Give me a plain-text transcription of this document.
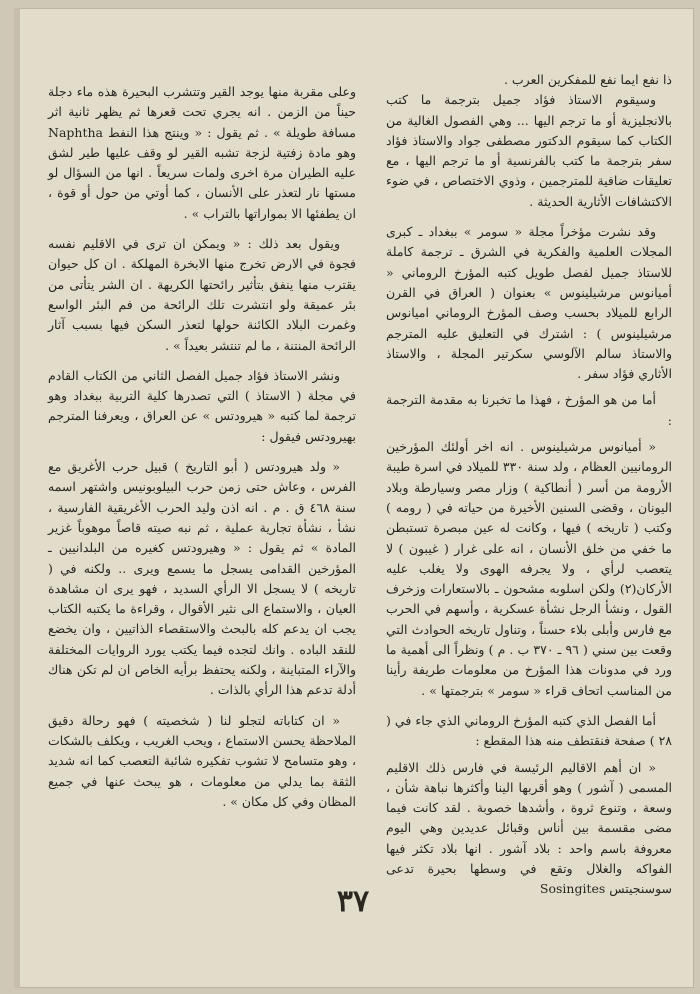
ذا نفع ايما نفع للمفكرين العرب .

وسيقوم الاستاذ فؤاد جميل بترجمة ما كتب بالانجليزية أو ما ترجم اليها ... وهي الفصول الغالية من الكتاب كما سيقوم الدكتور مصطفى جواد والاستاذ فؤاد سفر بترجمة ما كتب بالفرنسية أو ما ترجم اليها ، مع تعليقات ضافية للمترجمين ، وذوي الاختصاص ، في ضوء الاكتشافات الأثارية الحديثة .

وقد نشرت مؤخراً مجلة « سومر » ببغداد ـ كبرى المجلات العلمية والفكرية في الشرق ـ ترجمة كاملة للاستاذ جميل لفصل طويل كتبه المؤرخ الروماني « أميانوس مرشيلينوس » بعنوان ( العراق في القرن الرابع للميلاد بحسب وصف المؤرخ الروماني اميانوس مرشيلينوس ) : اشترك في التعليق عليه المترجم والاستاذ سالم الآلوسي سكرتير المجلة ، والاستاذ الأثاري فؤاد سفر .

أما من هو المؤرخ ، فهذا ما تخبرنا به مقدمة الترجمة :

« أميانوس مرشيلينوس . انه اخر أولئك المؤرخين الرومانيين العظام ، ولد سنة ٣٣٠ للميلاد في اسرة طيبة الأرومة من أسر ( أنطاكية ) وزار مصر وسيارطة وبلاد اليونان ، وقضى السنين الأخيرة من حياته في ( رومه ) وكتب ( تاريخه ) فيها ، وكانت له عين مبصرة تستبطن ما خفي من خلق الأنسان ، انه على غرار ( غيبون ) لا يتعصب لرأي ، ولا يجرفه الهوى ولا يغلب عليه الأركان(٢) ولكن اسلوبه مشحون ـ بالاستعارات وزخرف القول ، ونشأ الرجل نشأة عسكرية ، وأسهم في الحرب مع فارس وأبلى بلاء حسناً ، وتناول تاريخه الحوادث التي وقعت بين سني ( ٩٦ ـ ٣٧٠ ب . م ) ونظراً الى أهمية ما ورد في مدونات هذا المؤرخ من معلومات طريفة رأينا من المناسب اتحاف قراء « سومر » بترجمتها » .

أما الفصل الذي كتبه المؤرخ الروماني الذي جاء في ( ٢٨ ) صفحة فنقتطف منه هذا المقطع :

« ان أهم الاقاليم الرئيسة في فارس ذلك الاقليم المسمى ( آشور ) وهو أقربها الينا وأكثرها نباهة شأن ، وسعة ، وتنوع ثروة ، وأشدها خصوبة . لقد كانت فيما مضى مقسمة بين أناس وقبائل عديدين وهي اليوم معروفة باسم واحد : بلاد آشور . انها بلاد تكثر فيها الفواكه والغلال وتقع في وسطها بحيرة تدعى سوسنجيتس Sosingites

وعلى مقربة منها يوجد القير وتتشرب البحيرة هذه ماء دجلة حيناً من الزمن . انه يجري تحت قعرها ثم يظهر ثانية اثر مسافة طويلة » . ثم يقول : « وينتج هذا النفط Naphtha وهو مادة زفتية لزجة تشبه القير لو وقف عليها طير لشق عليه الطيران مرة اخرى ولمات سريعاً . انها من السؤال لو مستها نار لتعذر على الأنسان ، كما أوتي من حول أو قوة ، ان يطفئها الا بمواراتها بالتراب » .

ويقول بعد ذلك : « ويمكن ان ترى في الاقليم نفسه فجوة في الارض تخرج منها الابخرة المهلكة . ان كل حيوان يقترب منها ينفق بتأثير رائحتها الكريهة . ان الشر يتأتى من بئر عميقة ولو انتشرت تلك الرائحة من فم البئر الواسع وغمرت البلاد الكائنة حولها لتعذر السكن فيها بسبب آثار الرائحة المنتنة ، ما لم تنتشر بعيداً » .

ونشر الاستاذ فؤاد جميل الفصل الثاني من الكتاب القادم في مجلة ( الاستاذ ) التي تصدرها كلية التربية ببغداد وهو ترجمة لما كتبه « هيرودتس » عن العراق ، ويعرفنا المترجم بهيرودتس فيقول :

« ولد هيرودتس ( أبو التاريخ ) قبيل حرب الأغريق مع الفرس ، وعاش حتى زمن حرب البيلوبونيس واشتهر اسمه سنة ٤٦٨ ق . م . انه اذن وليد الحرب الأغريقية الفارسية ، نشأ ، نشأة تجارية عملية ، ثم نبه صيته قاصاً موهوباً غزير المادة » ثم يقول : « وهيرودتس كغيره من البلدانيين ـ المؤرخين القدامى يسجل ما يسمع ويرى .. ولكنه في ( تاريخه ) لا يسجل الا الرأي السديد ، فهو يرى ان مشاهدة العيان ، والاستماع الى نثير الأقوال ، وقراءة ما يكتبه الكتاب يجب ان يدعم كله بالبحث والاستقصاء الذاتيين ، وان يخضع للنقد الباده . وانك لتجده فيما يكتب يورد الروايات المختلفة والآراء المتباينة ، ولكنه يحتفظ برأيه الخاص ان لم تكن هناك أدلة تدعم هذا الرأي بالذات .

« ان كتاباته لتجلو لنا ( شخصيته ) فهو رحالة دقيق الملاحظة يحسن الاستماع ، ويحب الغريب ، ويكلف بالشكات ، وهو متسامح لا تشوب تفكيره شائبة التعصب كما انه شديد الثقة بما يدلي من معلومات ، هو يبحث عنها في جميع المظان وفي كل مكان » .

٣٧
